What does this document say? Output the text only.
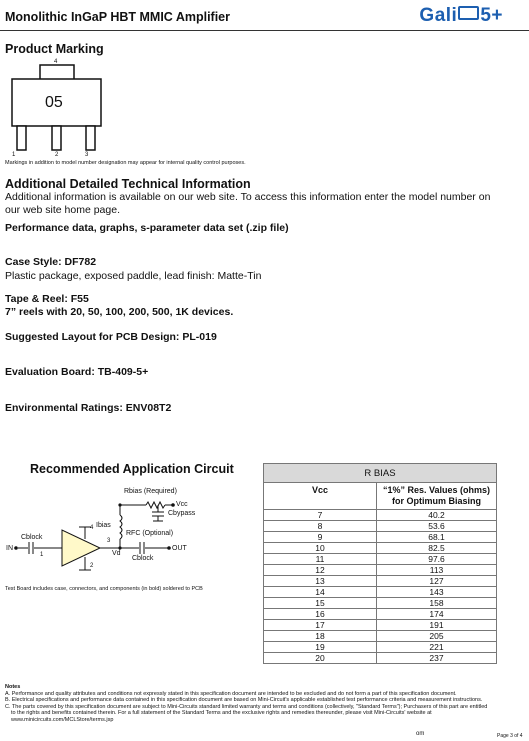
Monolithic InGaP HBT MMIC Amplifier	Gali 5+
Product Marking
4
05
1	2	3
Markings in addition to model number designation may appear for internal quality control purposes.
Additional Detailed Technical Information
Additional information is available on our web site. To access this information enter the model number on
our web site home page.
Performance data, graphs, s-parameter data set (.zip file)
Case Style: DF782
Plastic package, exposed paddle, lead finish: Matte-Tin
Tape & Reel: F55
7” reels with 20, 50, 100, 200, 500, 1K devices.
Suggested Layout for PCB Design: PL-019
Evaluation Board: TB-409-5+
Environmental Ratings: ENV08T2
Recommended Application Circuit
Rbias (Required)
Vcc
Cbypass
Ibias
RFC (Optional)
Cblock
IN	OUT
Vd
Cblock
1
2
3
4
Test Board includes case, connectors, and components (in bold) soldered to PCB
R BIAS	
Vcc	“1%” Res. Values (ohms)
for Optimum Biasing

7	40.2
8	53.6
9	68.1
10	82.5
11	97.6
12	113
13	127
14	143
15	158
16	174
17	191
18	205
19	221
20	237
Notes
A. Performance and quality attributes and conditions not expressly stated in this specification document are intended to be excluded and do not form a part of this specification document.
B. Electrical specifications and performance data contained in this specification document are based on Mini-Circuit's applicable established test performance criteria and measurement instructions.
C. The parts covered by this specification document are subject to Mini-Circuits standard limited warranty and terms and conditions (collectively, "Standard Terms"); Purchasers of this part are entitled
to the rights and benefits contained therein. For a full statement of the Standard Terms and the exclusive rights and remedies thereunder, please visit Mini-Circuits' website at www.minicircuits.com/MCLStore/terms.jsp
om	Page 3 of 4
